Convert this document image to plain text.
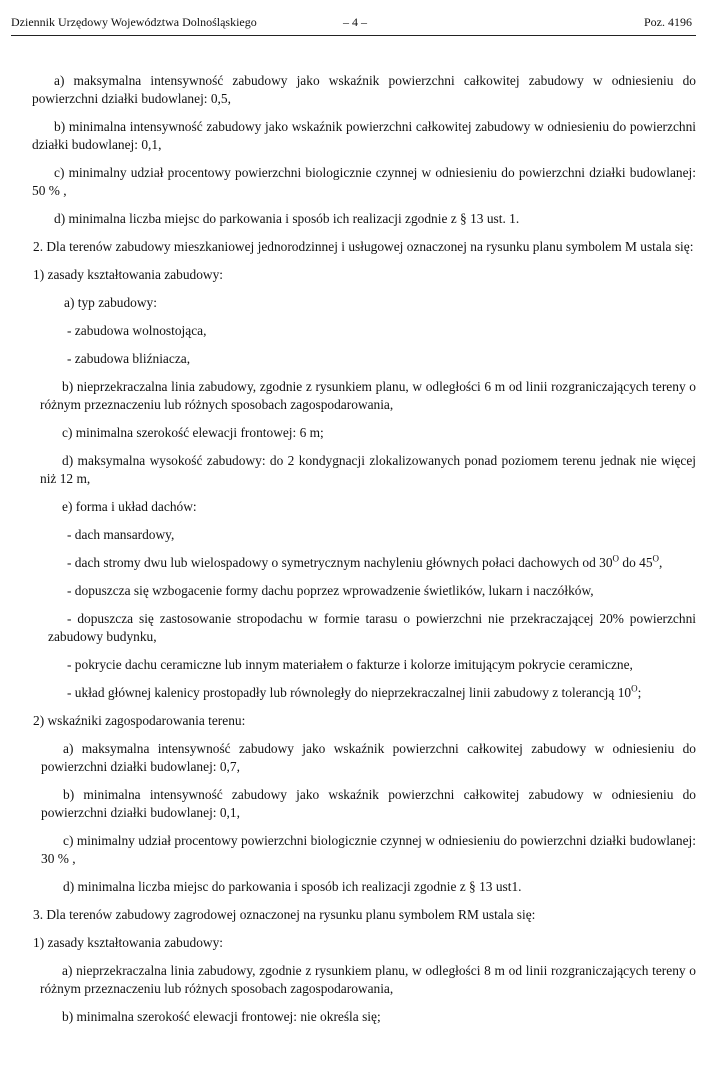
Dziennik Urzędowy Województwa Dolnośląskiego	– 4 –	Poz. 4196

a) maksymalna intensywność zabudowy jako wskaźnik powierzchni całkowitej zabudowy w odniesieniu do powierzchni działki budowlanej: 0,5,

b) minimalna intensywność zabudowy jako wskaźnik powierzchni całkowitej zabudowy w odniesieniu do powierzchni działki budowlanej: 0,1,

c) minimalny udział procentowy powierzchni biologicznie czynnej w odniesieniu do powierzchni działki budowlanej: 50 % ,

d) minimalna liczba miejsc do parkowania i sposób ich realizacji zgodnie z § 13 ust. 1.

2. Dla terenów zabudowy mieszkaniowej jednorodzinnej i usługowej oznaczonej na rysunku planu symbolem M ustala się:

1) zasady kształtowania zabudowy:

a) typ zabudowy:

- zabudowa wolnostojąca,

- zabudowa bliźniacza,

b) nieprzekraczalna linia zabudowy, zgodnie z rysunkiem planu, w odległości 6 m od linii rozgraniczających tereny o różnym przeznaczeniu lub różnych sposobach zagospodarowania,

c) minimalna szerokość elewacji frontowej: 6 m;

d) maksymalna wysokość zabudowy: do 2 kondygnacji zlokalizowanych ponad poziomem terenu jednak nie więcej niż 12 m,

e) forma i układ dachów:

- dach mansardowy,

- dach stromy dwu lub wielospadowy o symetrycznym nachyleniu głównych połaci dachowych od $30^O$ do $45^O$,

- dopuszcza się wzbogacenie formy dachu poprzez wprowadzenie świetlików, lukarn i naczółków,

- dopuszcza się zastosowanie stropodachu w formie tarasu o powierzchni nie przekraczającej 20% powierzchni zabudowy budynku,

- pokrycie dachu ceramiczne lub innym materiałem o fakturze i kolorze imitującym pokrycie ceramiczne,

- układ głównej kalenicy prostopadły lub równoległy do nieprzekraczalnej linii zabudowy z tolerancją $10^O$;

2) wskaźniki zagospodarowania terenu:

a) maksymalna intensywność zabudowy jako wskaźnik powierzchni całkowitej zabudowy w odniesieniu do powierzchni działki budowlanej: 0,7,

b) minimalna intensywność zabudowy jako wskaźnik powierzchni całkowitej zabudowy w odniesieniu do powierzchni działki budowlanej: 0,1,

c) minimalny udział procentowy powierzchni biologicznie czynnej w odniesieniu do powierzchni działki budowlanej: 30 % ,

d) minimalna liczba miejsc do parkowania i sposób ich realizacji zgodnie z § 13 ust1.

3. Dla terenów zabudowy zagrodowej oznaczonej na rysunku planu symbolem RM ustala się:

1) zasady kształtowania zabudowy:

a) nieprzekraczalna linia zabudowy, zgodnie z rysunkiem planu, w odległości 8 m od linii rozgraniczających tereny o różnym przeznaczeniu lub różnych sposobach zagospodarowania,

b) minimalna szerokość elewacji frontowej: nie określa się;
